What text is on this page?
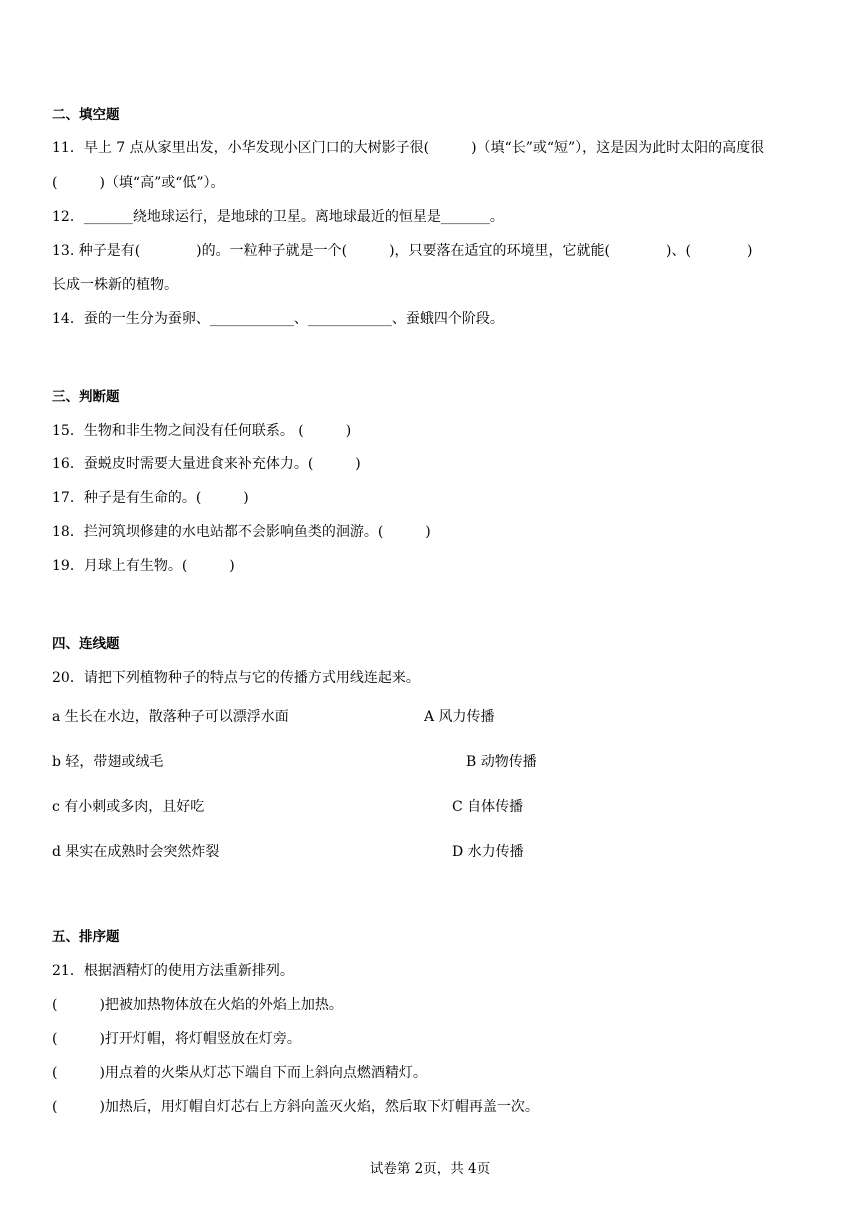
二、填空题
11．早上 7 点从家里出发，小华发现小区门口的大树影子很(　　　)（填“长”或“短”），这是因为此时太阳的高度很
(　　　)（填“高”或“低”）。
12．_______绕地球运行，是地球的卫星。离地球最近的恒星是_______。
13. 种子是有(　　　　)的。一粒种子就是一个(　　　)，只要落在适宜的环境里，它就能(　　　　)、(　　　　)
长成一株新的植物。
14．蚕的一生分为蚕卵、____________、____________、蚕蛾四个阶段。
三、判断题
15．生物和非生物之间没有任何联系。 (　　　)
16．蚕蜕皮时需要大量进食来补充体力。(　　　)
17．种子是有生命的。(　　　)
18．拦河筑坝修建的水电站都不会影响鱼类的洄游。(　　　)
19．月球上有生物。(　　　)
四、连线题
20．请把下列植物种子的特点与它的传播方式用线连起来。
a 生长在水边，散落种子可以漂浮水面	A 风力传播
b 轻，带翅或绒毛	B 动物传播
c 有小刺或多肉，且好吃	C 自体传播
d 果实在成熟时会突然炸裂	D 水力传播
五、排序题
21．根据酒精灯的使用方法重新排列。
(　　　)把被加热物体放在火焰的外焰上加热。
(　　　)打开灯帽，将灯帽竖放在灯旁。
(　　　)用点着的火柴从灯芯下端自下而上斜向点燃酒精灯。
(　　　)加热后，用灯帽自灯芯右上方斜向盖灭火焰，然后取下灯帽再盖一次。
试卷第 2页，共 4页
